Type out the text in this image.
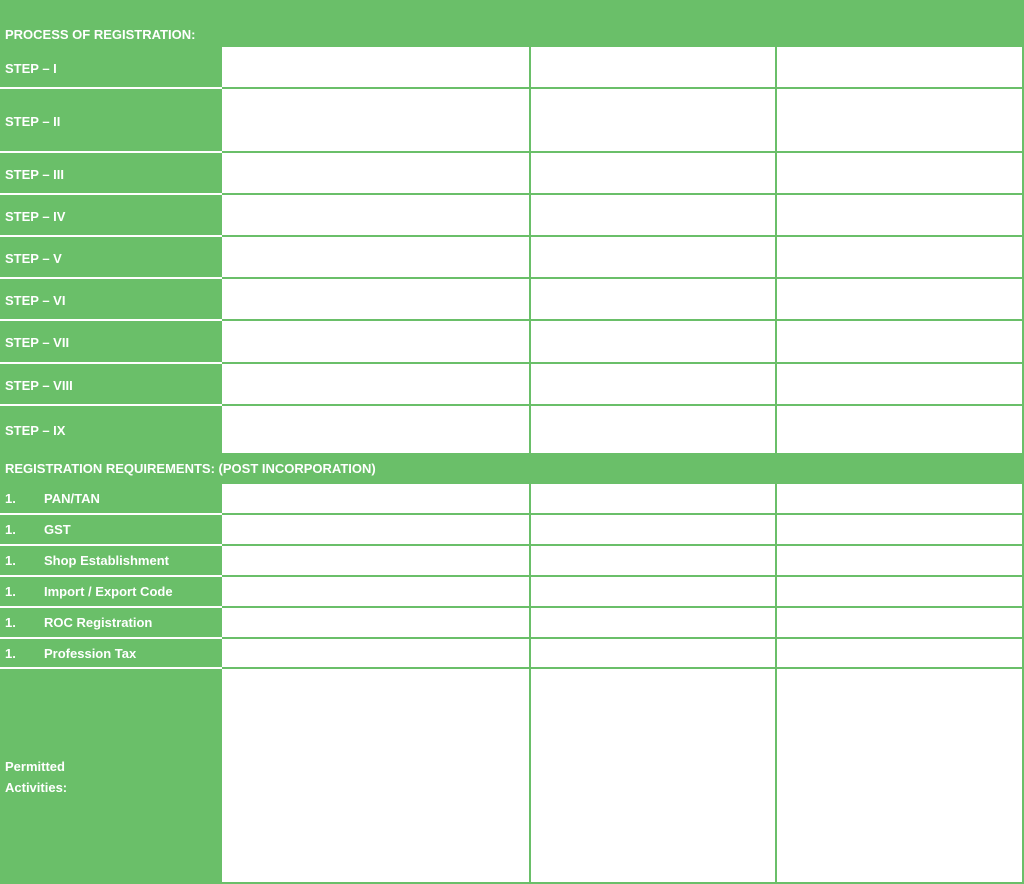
PROCESS OF REGISTRATION:
STEP – I
STEP – II
STEP – III
STEP – IV
STEP – V
STEP – VI
STEP – VII
STEP – VIII
STEP – IX
REGISTRATION REQUIREMENTS: (POST INCORPORATION)
1. PAN/TAN
1. GST
1. Shop Establishment
1. Import / Export Code
1. ROC Registration
1. Profession Tax
Permitted
Activities:
